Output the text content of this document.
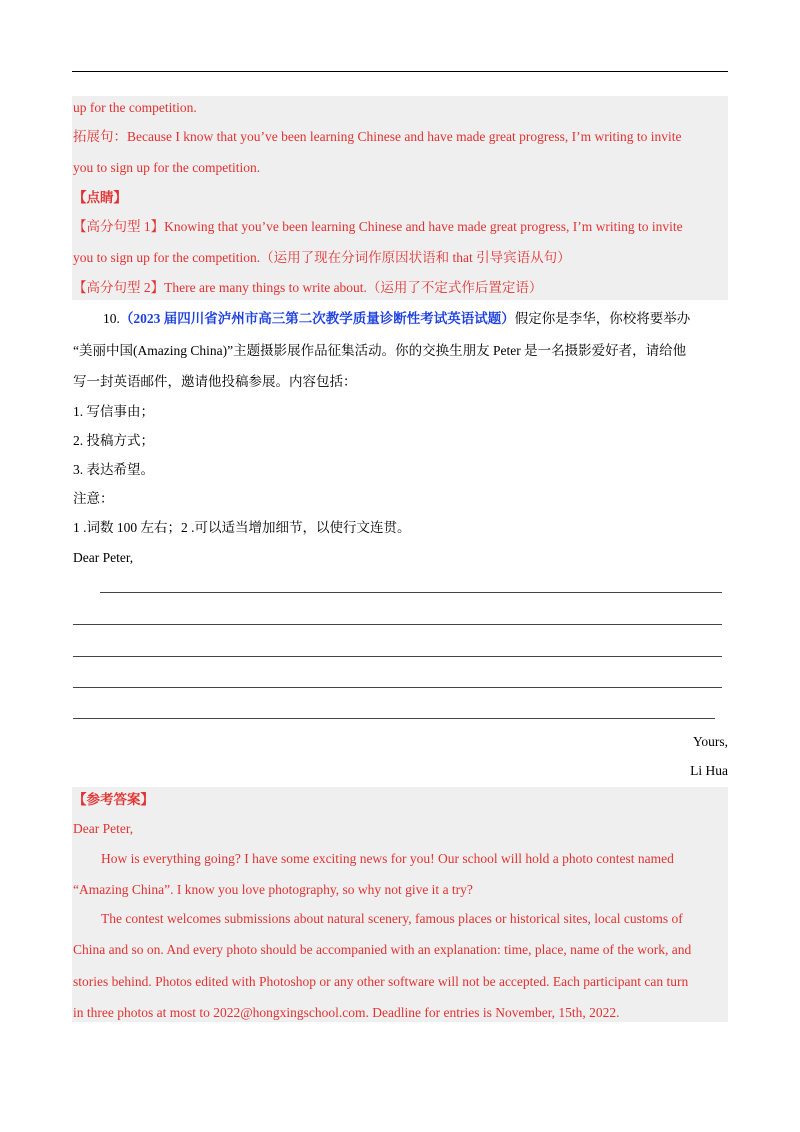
up for the competition.
拓展句：Because I know that you’ve been learning Chinese and have made great progress, I’m writing to invite
you to sign up for the competition.
【点睛】
【高分句型 1】Knowing that you’ve been learning Chinese and have made great progress, I’m writing to invite
you to sign up for the competition.（运用了现在分词作原因状语和 that 引导宾语从句）
【高分句型 2】There are many things to write about.（运用了不定式作后置定语）
10.（2023 届四川省泸州市高三第二次教学质量诊断性考试英语试题）假定你是李华，你校将要举办
“美丽中国(Amazing China)”主题摄影展作品征集活动。你的交换生朋友 Peter 是一名摄影爱好者，请给他
写一封英语邮件，邀请他投稿参展。内容包括：
1. 写信事由；
2. 投稿方式；
3. 表达希望。
注意：
1 .词数 100 左右；2 .可以适当增加细节，以使行文连贯。
Dear Peter,
Yours,
Li Hua
【参考答案】
Dear Peter,
How is everything going? I have some exciting news for you! Our school will hold a photo contest named
“Amazing China”. I know you love photography, so why not give it a try?
The contest welcomes submissions about natural scenery, famous places or historical sites, local customs of
China and so on. And every photo should be accompanied with an explanation: time, place, name of the work, and
stories behind. Photos edited with Photoshop or any other software will not be accepted. Each participant can turn
in three photos at most to 2022@hongxingschool.com. Deadline for entries is November, 15th, 2022.
